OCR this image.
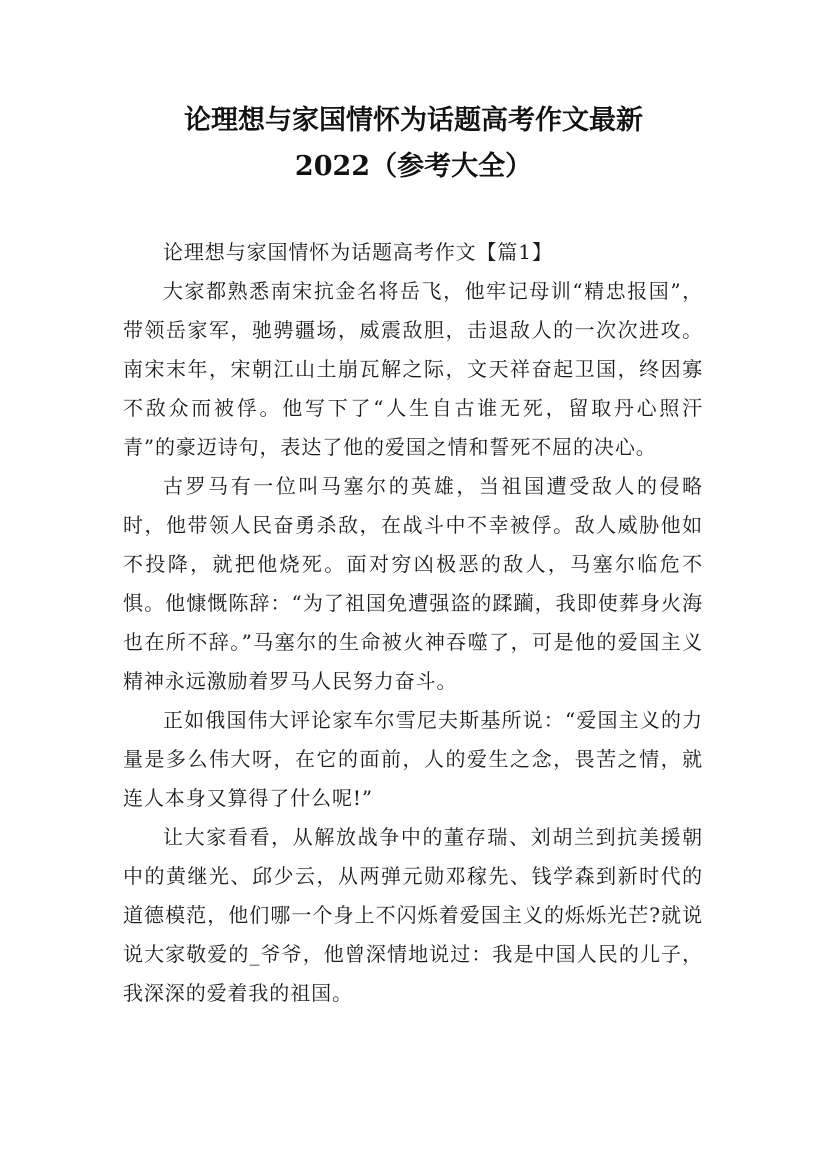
论理想与家国情怀为话题高考作文最新
2022（参考大全）

论理想与家国情怀为话题高考作文【篇1】

大家都熟悉南宋抗金名将岳飞，他牢记母训“精忠报国”，带领岳家军，驰骋疆场，威震敌胆，击退敌人的一次次进攻。南宋末年，宋朝江山土崩瓦解之际，文天祥奋起卫国，终因寡不敌众而被俘。他写下了“人生自古谁无死，留取丹心照汗青”的豪迈诗句，表达了他的爱国之情和誓死不屈的决心。

古罗马有一位叫马塞尔的英雄，当祖国遭受敌人的侵略时，他带领人民奋勇杀敌，在战斗中不幸被俘。敌人威胁他如不投降，就把他烧死。面对穷凶极恶的敌人，马塞尔临危不惧。他慷慨陈辞：“为了祖国免遭强盗的蹂躏，我即使葬身火海也在所不辞。”马塞尔的生命被火神吞噬了，可是他的爱国主义精神永远激励着罗马人民努力奋斗。

正如俄国伟大评论家车尔雪尼夫斯基所说：“爱国主义的力量是多么伟大呀，在它的面前，人的爱生之念，畏苦之情，就连人本身又算得了什么呢!”

让大家看看，从解放战争中的董存瑞、刘胡兰到抗美援朝中的黄继光、邱少云，从两弹元勋邓稼先、钱学森到新时代的道德模范，他们哪一个身上不闪烁着爱国主义的烁烁光芒?就说说大家敬爱的_爷爷，他曾深情地说过：我是中国人民的儿子，我深深的爱着我的祖国。
